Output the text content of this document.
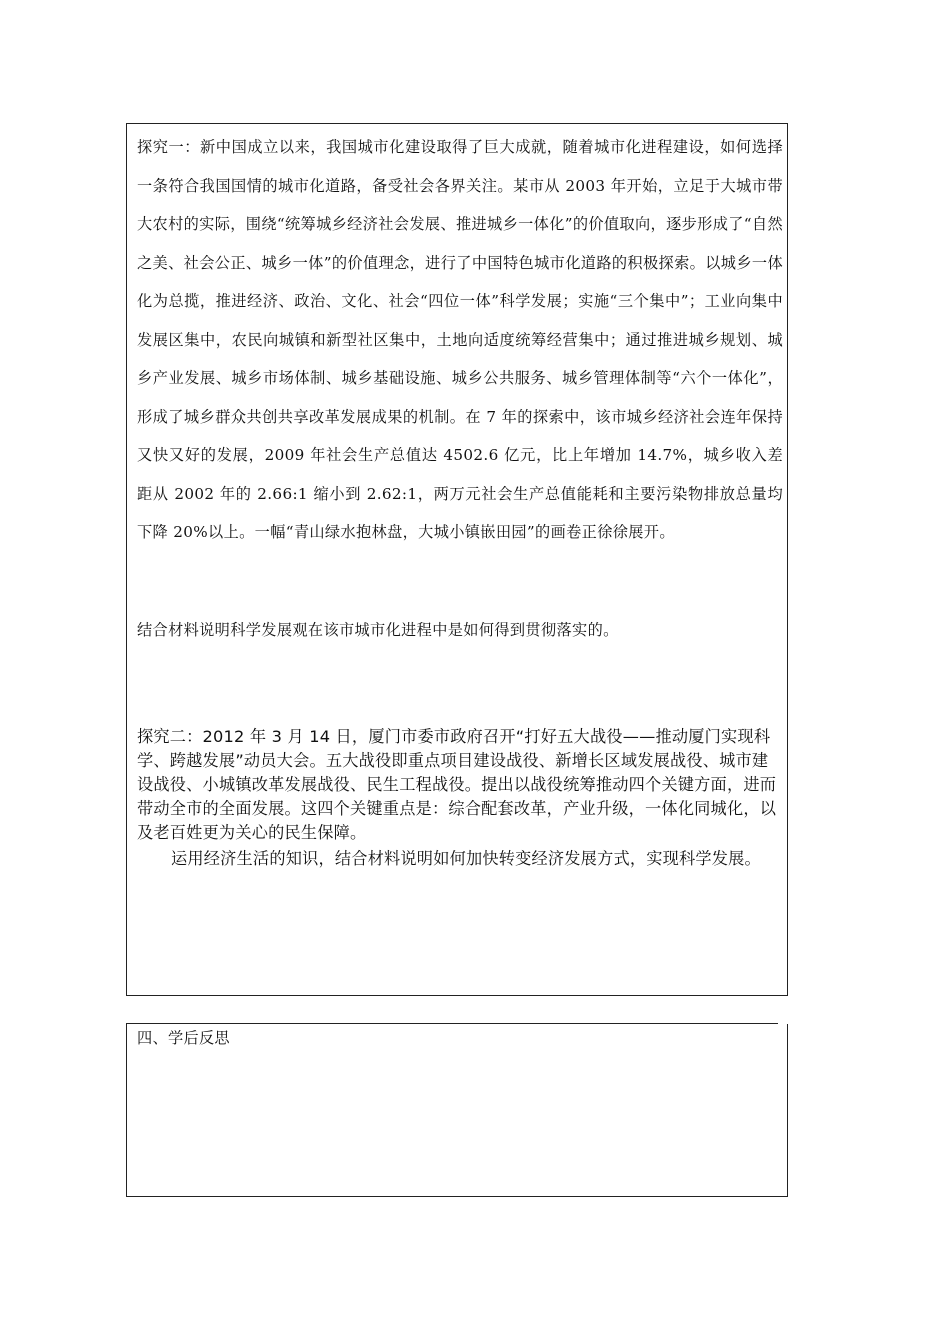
探究一：新中国成立以来，我国城市化建设取得了巨大成就，随着城市化进程建设，如何选择一条符合我国国情的城市化道路，备受社会各界关注。某市从 2003 年开始，立足于大城市带大农村的实际，围绕“统筹城乡经济社会发展、推进城乡一体化”的价值取向，逐步形成了“自然之美、社会公正、城乡一体”的价值理念，进行了中国特色城市化道路的积极探索。以城乡一体化为总揽，推进经济、政治、文化、社会“四位一体”科学发展；实施“三个集中”；工业向集中发展区集中，农民向城镇和新型社区集中，土地向适度统筹经营集中；通过推进城乡规划、城乡产业发展、城乡市场体制、城乡基础设施、城乡公共服务、城乡管理体制等“六个一体化”，形成了城乡群众共创共享改革发展成果的机制。在 7 年的探索中，该市城乡经济社会连年保持又快又好的发展，2009 年社会生产总值达 4502.6 亿元，比上年增加 14.7%，城乡收入差距从 2002 年的 2.66:1 缩小到 2.62:1，两万元社会生产总值能耗和主要污染物排放总量均下降 20%以上。一幅“青山绿水抱林盘，大城小镇嵌田园”的画卷正徐徐展开。

结合材料说明科学发展观在该市城市化进程中是如何得到贯彻落实的。

探究二：2012 年 3 月 14 日，厦门市委市政府召开“打好五大战役——推动厦门实现科学、跨越发展”动员大会。五大战役即重点项目建设战役、新增长区域发展战役、城市建设战役、小城镇改革发展战役、民生工程战役。提出以战役统筹推动四个关键方面，进而带动全市的全面发展。这四个关键重点是：综合配套改革，产业升级，一体化同城化，以及老百姓更为关心的民生保障。

运用经济生活的知识，结合材料说明如何加快转变经济发展方式，实现科学发展。

四、学后反思
